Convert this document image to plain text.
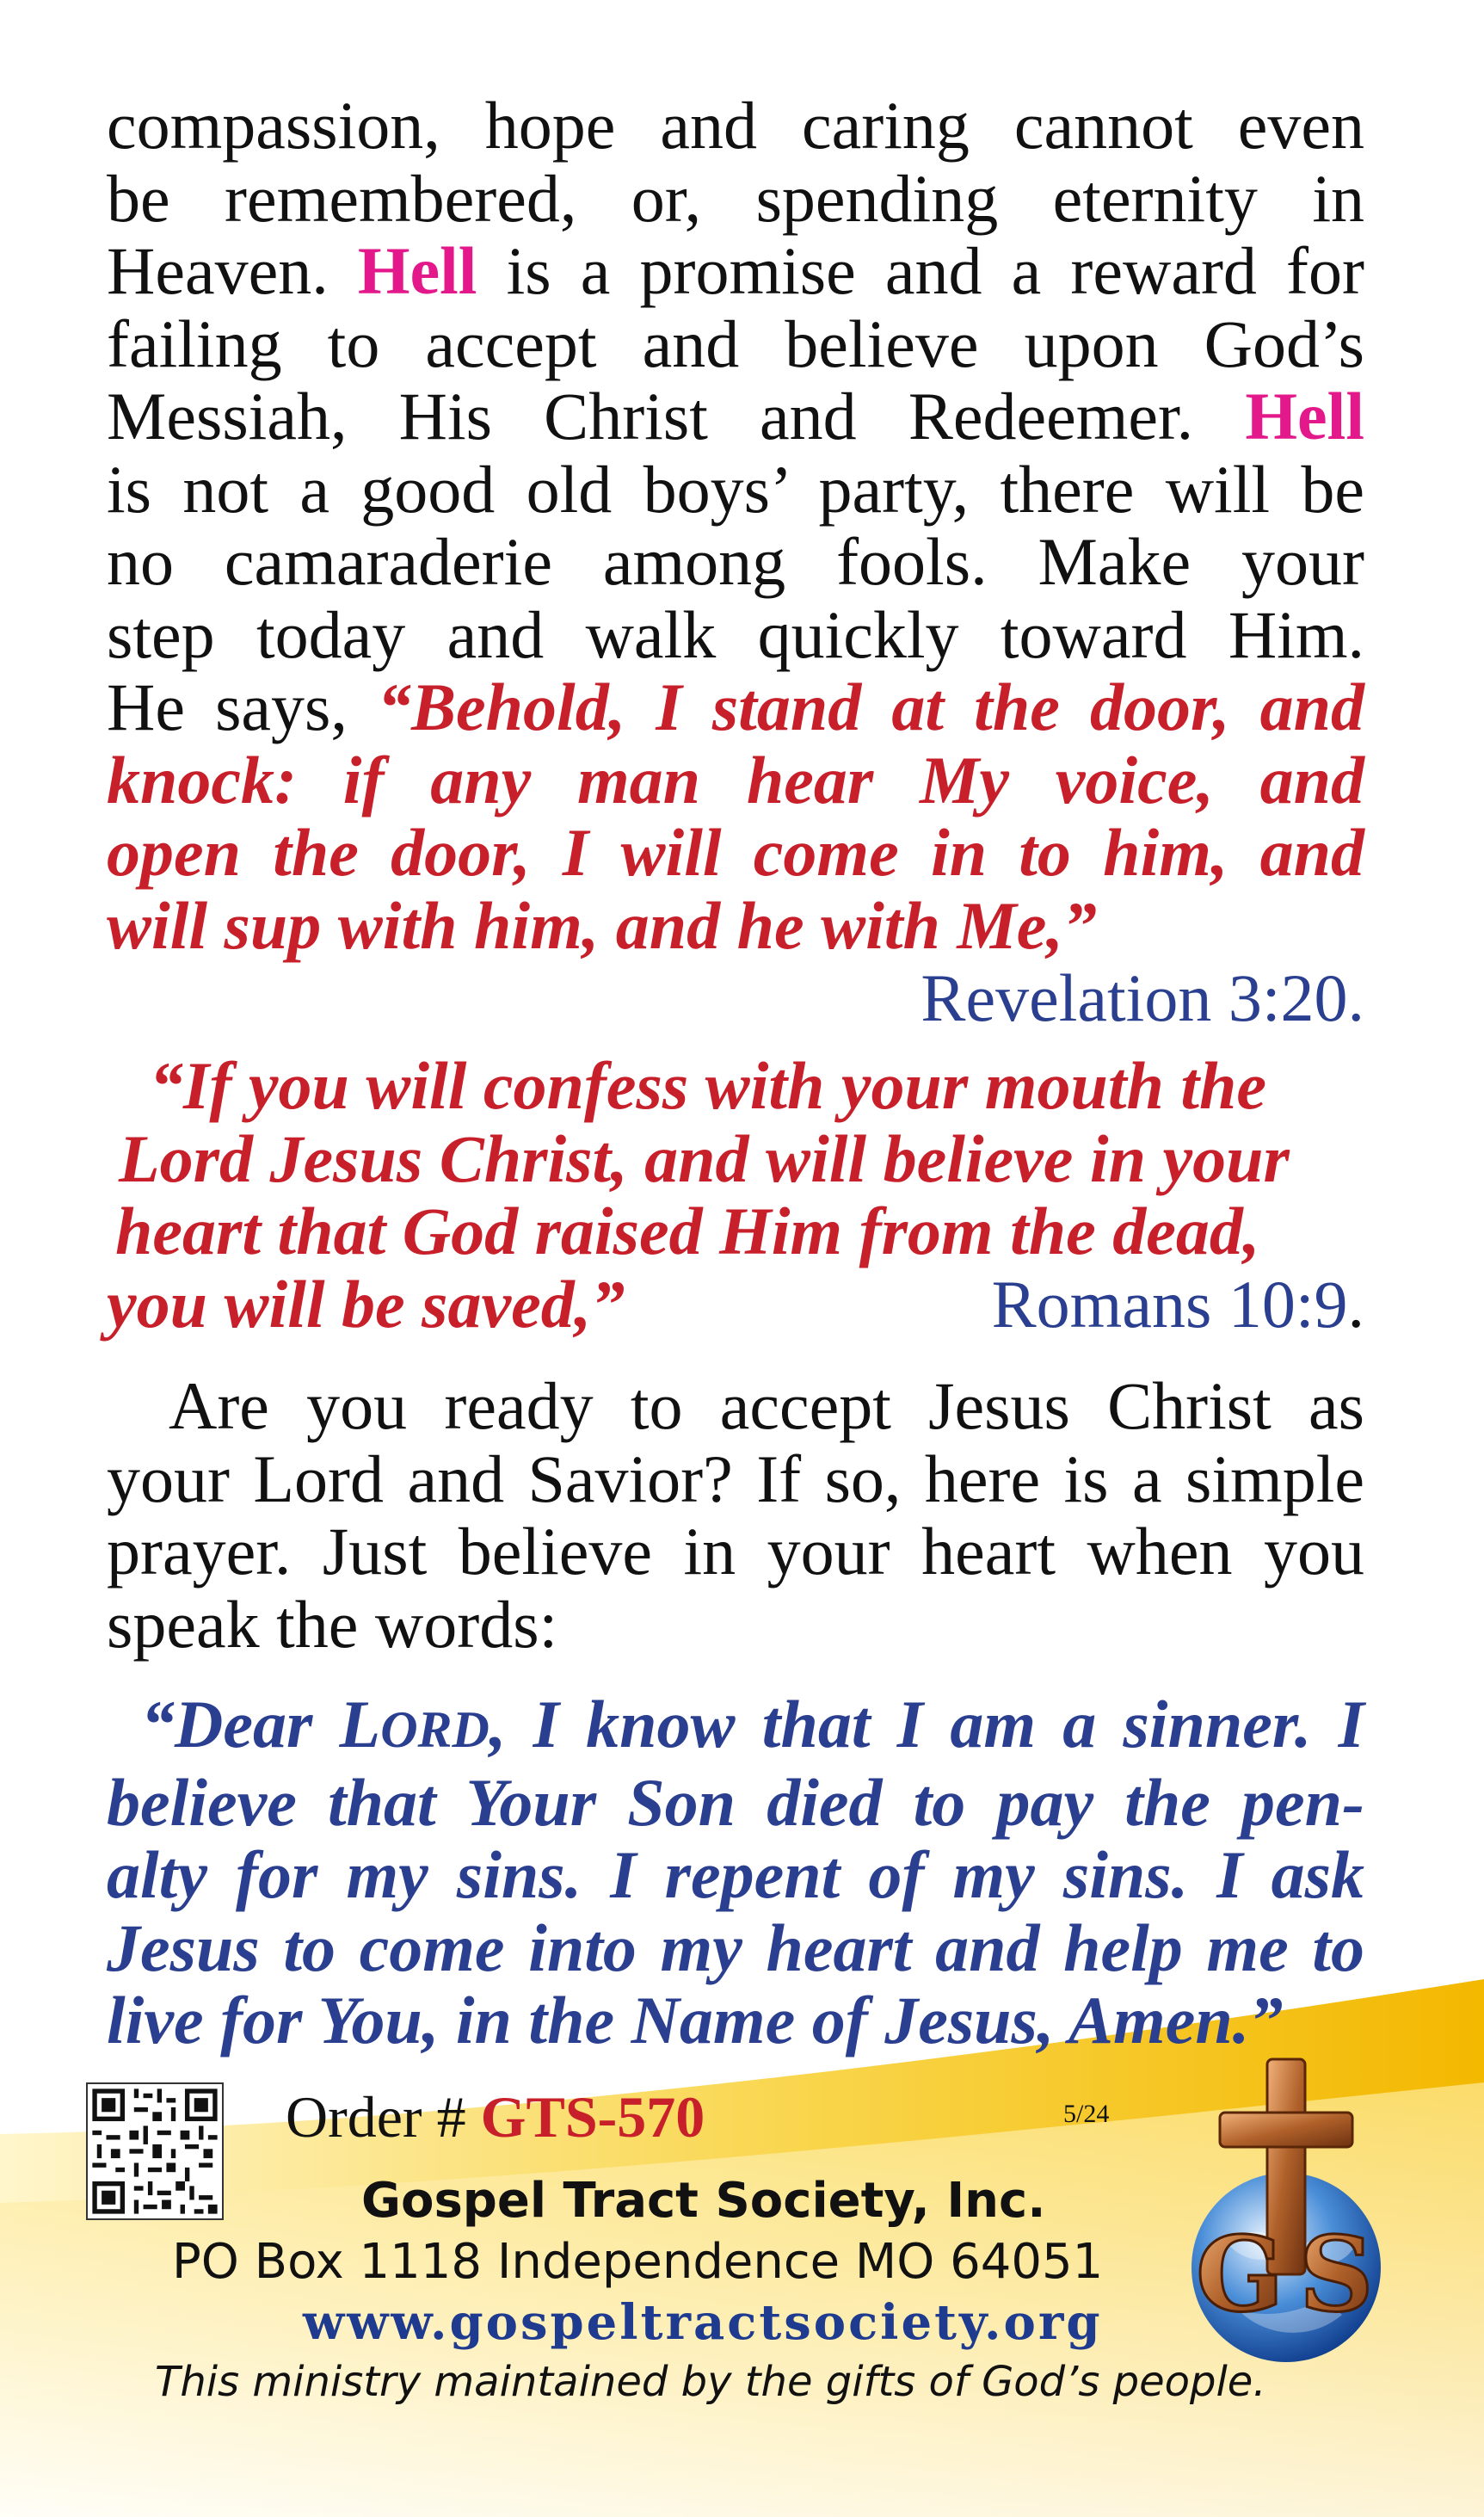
compassion, hope and caring cannot even
be remembered, or, spending eternity in
Heaven. Hell is a promise and a reward for
failing to accept and believe upon God’s
Messiah, His Christ and Redeemer. Hell
is not a good old boys’ party, there will be
no camaraderie among fools. Make your
step today and walk quickly toward Him.
He says, “Behold, I stand at the door, and
knock: if any man hear My voice, and
open the door, I will come in to him, and
will sup with him, and he with Me,”
Revelation 3:20.
“If you will confess with your mouth the
Lord Jesus Christ, and will believe in your
heart that God raised Him from the dead,
you will be saved,”	Romans 10:9.
Are you ready to accept Jesus Christ as
your Lord and Savior? If so, here is a simple
prayer. Just believe in your heart when you
speak the words:
“Dear LORD, I know that I am a sinner. I
believe that Your Son died to pay the pen-
alty for my sins. I repent of my sins. I ask
Jesus to come into my heart and help me to
live for You, in the Name of Jesus, Amen.”
Order # GTS-570	5/24
Gospel Tract Society, Inc.
PO Box 1118 Independence MO 64051
www.gospeltractsociety.org
This ministry maintained by the gifts of God’s people.
G S
